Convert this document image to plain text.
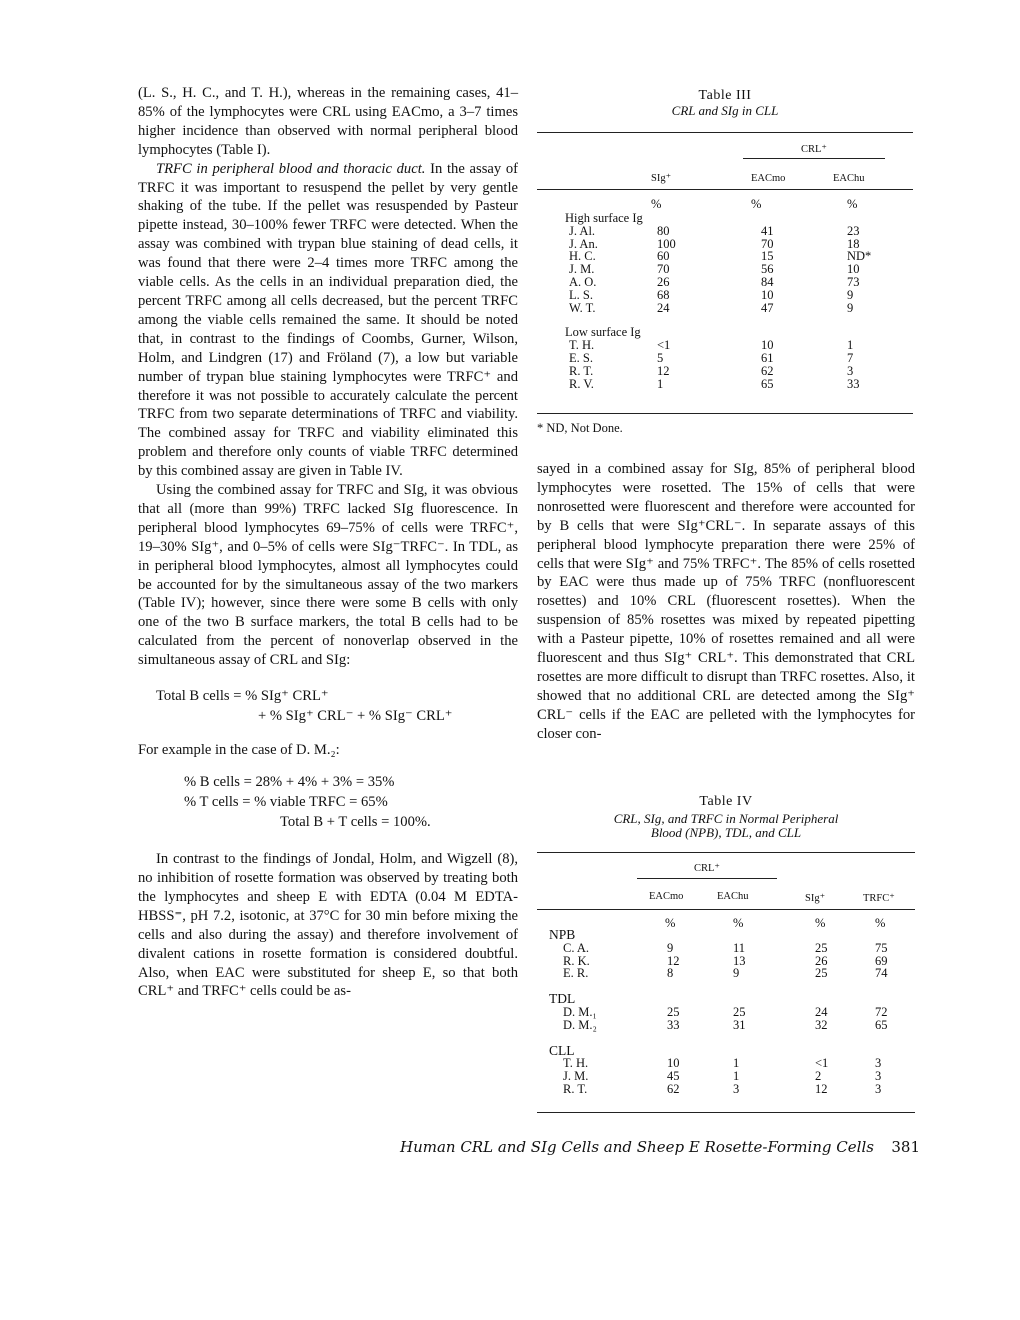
(L. S., H. C., and T. H.), whereas in the remaining cases, 41–85% of the lymphocytes were CRL using EACmo, a 3–7 times higher incidence than observed with normal peripheral blood lymphocytes (Table I).

TRFC in peripheral blood and thoracic duct. In the assay of TRFC it was important to resuspend the pellet by very gentle shaking of the tube. If the pellet was resuspended by Pasteur pipette instead, 30–100% fewer TRFC were detected. When the assay was combined with trypan blue staining of dead cells, it was found that there were 2–4 times more TRFC among the viable cells. As the cells in an individual preparation died, the percent TRFC among all cells decreased, but the percent TRFC among the viable cells remained the same. It should be noted that, in contrast to the findings of Coombs, Gurner, Wilson, Holm, and Lindgren (17) and Fröland (7), a low but variable number of trypan blue staining lymphocytes were TRFC⁺ and therefore it was not possible to accurately calculate the percent TRFC from two separate determinations of TRFC and viability. The combined assay for TRFC and viability eliminated this problem and therefore only counts of viable TRFC determined by this combined assay are given in Table IV.

Using the combined assay for TRFC and SIg, it was obvious that all (more than 99%) TRFC lacked SIg fluorescence. In peripheral blood lymphocytes 69–75% of cells were TRFC⁺, 19–30% SIg⁺, and 0–5% of cells were SIg⁻TRFC⁻. In TDL, as in peripheral blood lymphocytes, almost all lymphocytes could be accounted for by the simultaneous assay of the two markers (Table IV); however, since there were some B cells with only one of the two B surface markers, the total B cells had to be calculated from the percent of nonoverlap observed in the simultaneous assay of CRL and SIg:

Total B cells = % SIg⁺ CRL⁺
+ % SIg⁺ CRL⁻ + % SIg⁻ CRL⁺
For example in the case of D. M.₂:
% B cells = 28% + 4% + 3% = 35%
% T cells = % viable TRFC = 65%
Total B + T cells = 100%.

In contrast to the findings of Jondal, Holm, and Wigzell (8), no inhibition of rosette formation was observed by treating both the lymphocytes and sheep E with EDTA (0.04 M EDTA-HBSS⁼, pH 7.2, isotonic, at 37°C for 30 min before mixing the cells and also during the assay) and therefore involvement of divalent cations in rosette formation is considered doubtful. Also, when EAC were substituted for sheep E, so that both CRL⁺ and TRFC⁺ cells could be as-

Table III
CRL and SIg in CLL
CRL⁺
SIg⁺	EACmo	EAChu
%	%	%
High surface Ig
J. Al.	80	41	23
J. An.	100	70	18
H. C.	60	15	ND*
J. M.	70	56	10
A. O.	26	84	73
L. S.	68	10	9
W. T.	24	47	9
Low surface Ig
T. H.	<1	10	1
E. S.	5	61	7
R. T.	12	62	3
R. V.	1	65	33
* ND, Not Done.

sayed in a combined assay for SIg, 85% of peripheral blood lymphocytes were rosetted. The 15% of cells that were nonrosetted were fluorescent and therefore were accounted for by B cells that were SIg⁺CRL⁻. In separate assays of this peripheral blood lymphocyte preparation there were 25% of cells that were SIg⁺ and 75% TRFC⁺. The 85% of cells rosetted by EAC were thus made up of 75% TRFC (nonfluorescent rosettes) and 10% CRL (fluorescent rosettes). When the suspension of 85% rosettes was mixed by repeated pipetting with a Pasteur pipette, 10% of rosettes remained and all were fluorescent and thus SIg⁺ CRL⁺. This demonstrated that CRL rosettes are more difficult to disrupt than TRFC rosettes. Also, it showed that no additional CRL are detected among the SIg⁺ CRL⁻ cells if the EAC are pelleted with the lymphocytes for closer con-

Table IV
CRL, SIg, and TRFC in Normal Peripheral
Blood (NPB), TDL, and CLL
CRL⁺
EACmo	EAChu	SIg⁺	TRFC⁺
%	%	%	%
NPB
C. A.	9	11	25	75
R. K.	12	13	26	69
E. R.	8	9	25	74
TDL
D. M.₁	25	25	24	72
D. M.₂	33	31	32	65
CLL
T. H.	10	1	<1	3
J. M.	45	1	2	3
R. T.	62	3	12	3
Human CRL and SIg Cells and Sheep E Rosette-Forming Cells 381
